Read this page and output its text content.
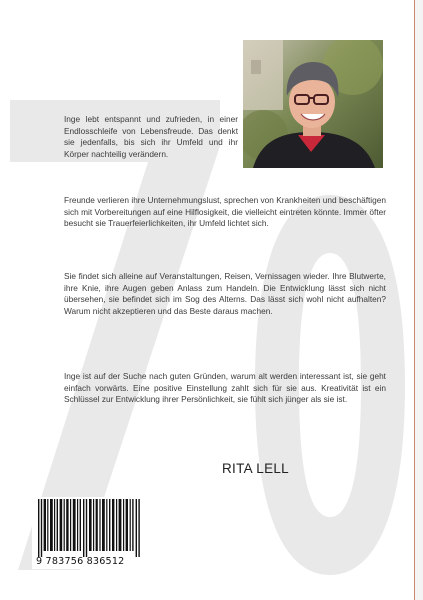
Inge lebt entspannt und zufrieden, in einer Endlosschleife von Lebensfreude. Das denkt sie jedenfalls, bis sich ihr Umfeld und ihr Körper nachteilig verändern.
Freunde verlieren ihre Unternehmungslust, sprechen von Krankheiten und beschäftigen sich mit Vorbereitungen auf eine Hilflosigkeit, die vielleicht eintreten könnte. Immer öfter besucht sie Trauerfeierlichkeiten, ihr Umfeld lichtet sich.
Sie findet sich alleine auf Veranstaltungen, Reisen, Vernissagen wieder. Ihre Blutwerte, ihre Knie, ihre Augen geben Anlass zum Handeln. Die Entwicklung lässt sich nicht übersehen, sie befindet sich im Sog des Alterns. Das lässt sich wohl nicht aufhalten? Warum nicht akzeptieren und das Beste daraus machen.
Inge ist auf der Suche nach guten Gründen, warum alt werden interessant ist, sie geht einfach vorwärts. Eine positive Einstellung zahlt sich für sie aus. Kreativität ist ein Schlüssel zur Entwicklung ihrer Persönlichkeit, sie fühlt sich jünger als sie ist.
RITA LELL
9 783756 836512
